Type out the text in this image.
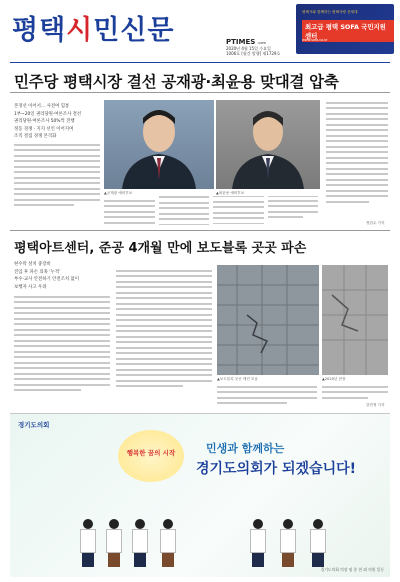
평택시민신문	PTIMES .com
2020년 4월 15일 수요일
1006호 [월간 발행] 제1729호
평택시와 함께하는 평택사랑 신세대
최고급 평택 SOFA 국민지원센터
www.sofa.co.kr
민주당 평택시장 결선 공재광·최윤용 맞대결 압축
본경선 이어서… 사전여 힘통
1부~20일 권리당원·여론조사 결선
권리당원·여론조사 50%씩 진행
정동 경쟁 · 지지 선언 이어지며
조직 결집 경쟁 본격화
▲공재광 예비후보	▲최윤용 예비후보
정한수 기자
평택아트센터, 준공 4개월 만에 보도블록 곳곳 파손
현수막 설치 중장비
진입 후 파손 의혹 ‘누적’
부수·교사 안전하기 안전조치 없이
보행자 사고 우려
▲보도블록 곳곳 깨진 모습	▲2020년 현장
강민정 기자
경기도의회
행복한 꿈의 시작	민생과 함께하는
경기도의회가 되겠습니다!
경기도의회 의장 염 종 현 외 의원 일동
